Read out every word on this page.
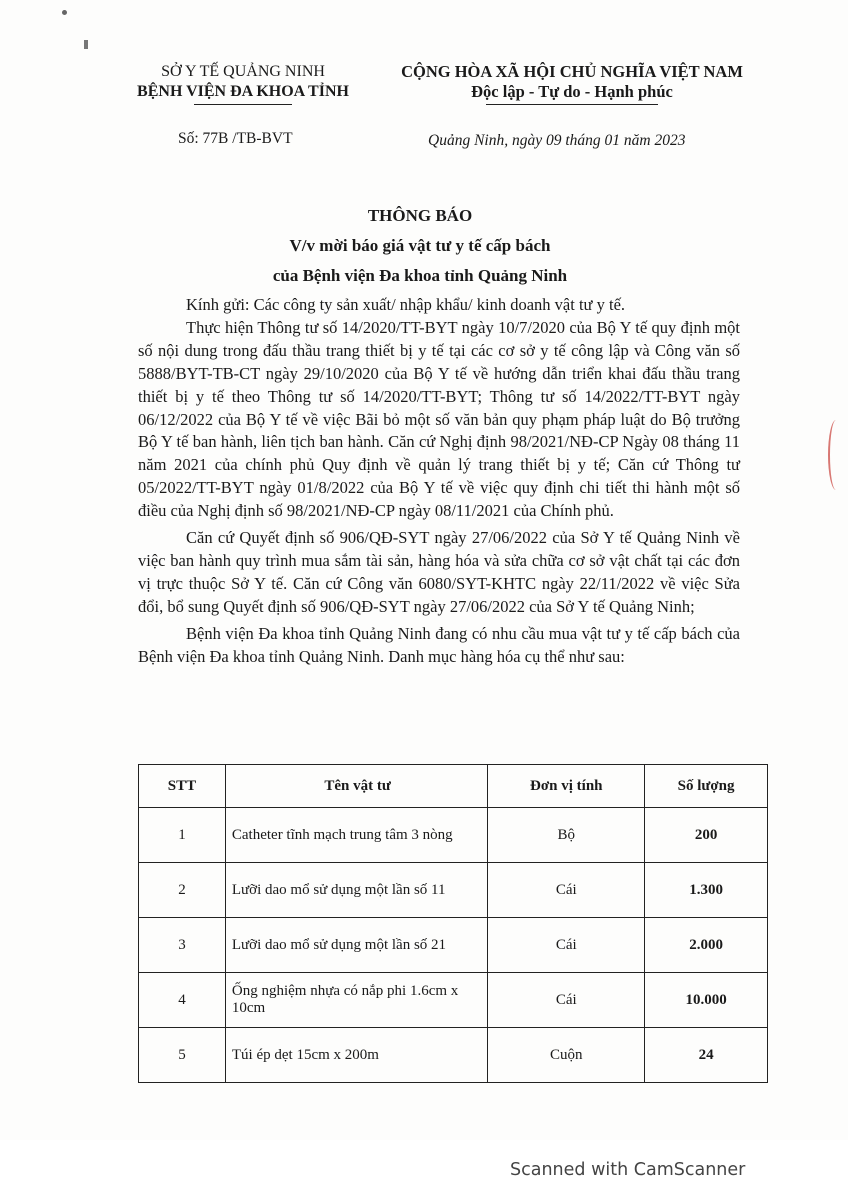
SỞ Y TẾ QUẢNG NINH
BỆNH VIỆN ĐA KHOA TỈNH
CỘNG HÒA XÃ HỘI CHỦ NGHĨA VIỆT NAM
Độc lập - Tự do - Hạnh phúc
Số: 77B /TB-BVT	Quảng Ninh, ngày 09 tháng 01 năm 2023
THÔNG BÁO
V/v mời báo giá vật tư y tế cấp bách
của Bệnh viện Đa khoa tỉnh Quảng Ninh

Kính gửi: Các công ty sản xuất/ nhập khẩu/ kinh doanh vật tư y tế.

Thực hiện Thông tư số 14/2020/TT-BYT ngày 10/7/2020 của Bộ Y tế quy định một số nội dung trong đấu thầu trang thiết bị y tế tại các cơ sở y tế công lập và Công văn số 5888/BYT-TB-CT ngày 29/10/2020 của Bộ Y tế về hướng dẫn triển khai đấu thầu trang thiết bị y tế theo Thông tư số 14/2020/TT-BYT; Thông tư số 14/2022/TT-BYT ngày 06/12/2022 của Bộ Y tế về việc Bãi bỏ một số văn bản quy phạm pháp luật do Bộ trưởng Bộ Y tế ban hành, liên tịch ban hành. Căn cứ Nghị định 98/2021/NĐ-CP Ngày 08 tháng 11 năm 2021 của chính phủ Quy định về quản lý trang thiết bị y tế; Căn cứ Thông tư 05/2022/TT-BYT ngày 01/8/2022 của Bộ Y tế về việc quy định chi tiết thi hành một số điều của Nghị định số 98/2021/NĐ-CP ngày 08/11/2021 của Chính phủ.

Căn cứ Quyết định số 906/QĐ-SYT ngày 27/06/2022 của Sở Y tế Quảng Ninh về việc ban hành quy trình mua sắm tài sản, hàng hóa và sửa chữa cơ sở vật chất tại các đơn vị trực thuộc Sở Y tế. Căn cứ Công văn 6080/SYT-KHTC ngày 22/11/2022 về việc Sửa đổi, bổ sung Quyết định số 906/QĐ-SYT ngày 27/06/2022 của Sở Y tế Quảng Ninh;

Bệnh viện Đa khoa tỉnh Quảng Ninh đang có nhu cầu mua vật tư y tế cấp bách của Bệnh viện Đa khoa tỉnh Quảng Ninh. Danh mục hàng hóa cụ thể như sau:

STT	Tên vật tư	Đơn vị tính	Số lượng
1	Catheter tĩnh mạch trung tâm 3 nòng	Bộ	200
2	Lưỡi dao mổ sử dụng một lần số 11	Cái	1.300
3	Lưỡi dao mổ sử dụng một lần số 21	Cái	2.000
4	Ống nghiệm nhựa có nắp phi 1.6cm x 10cm	Cái	10.000
5	Túi ép dẹt 15cm x 200m	Cuộn	24
Scanned with CamScanner
